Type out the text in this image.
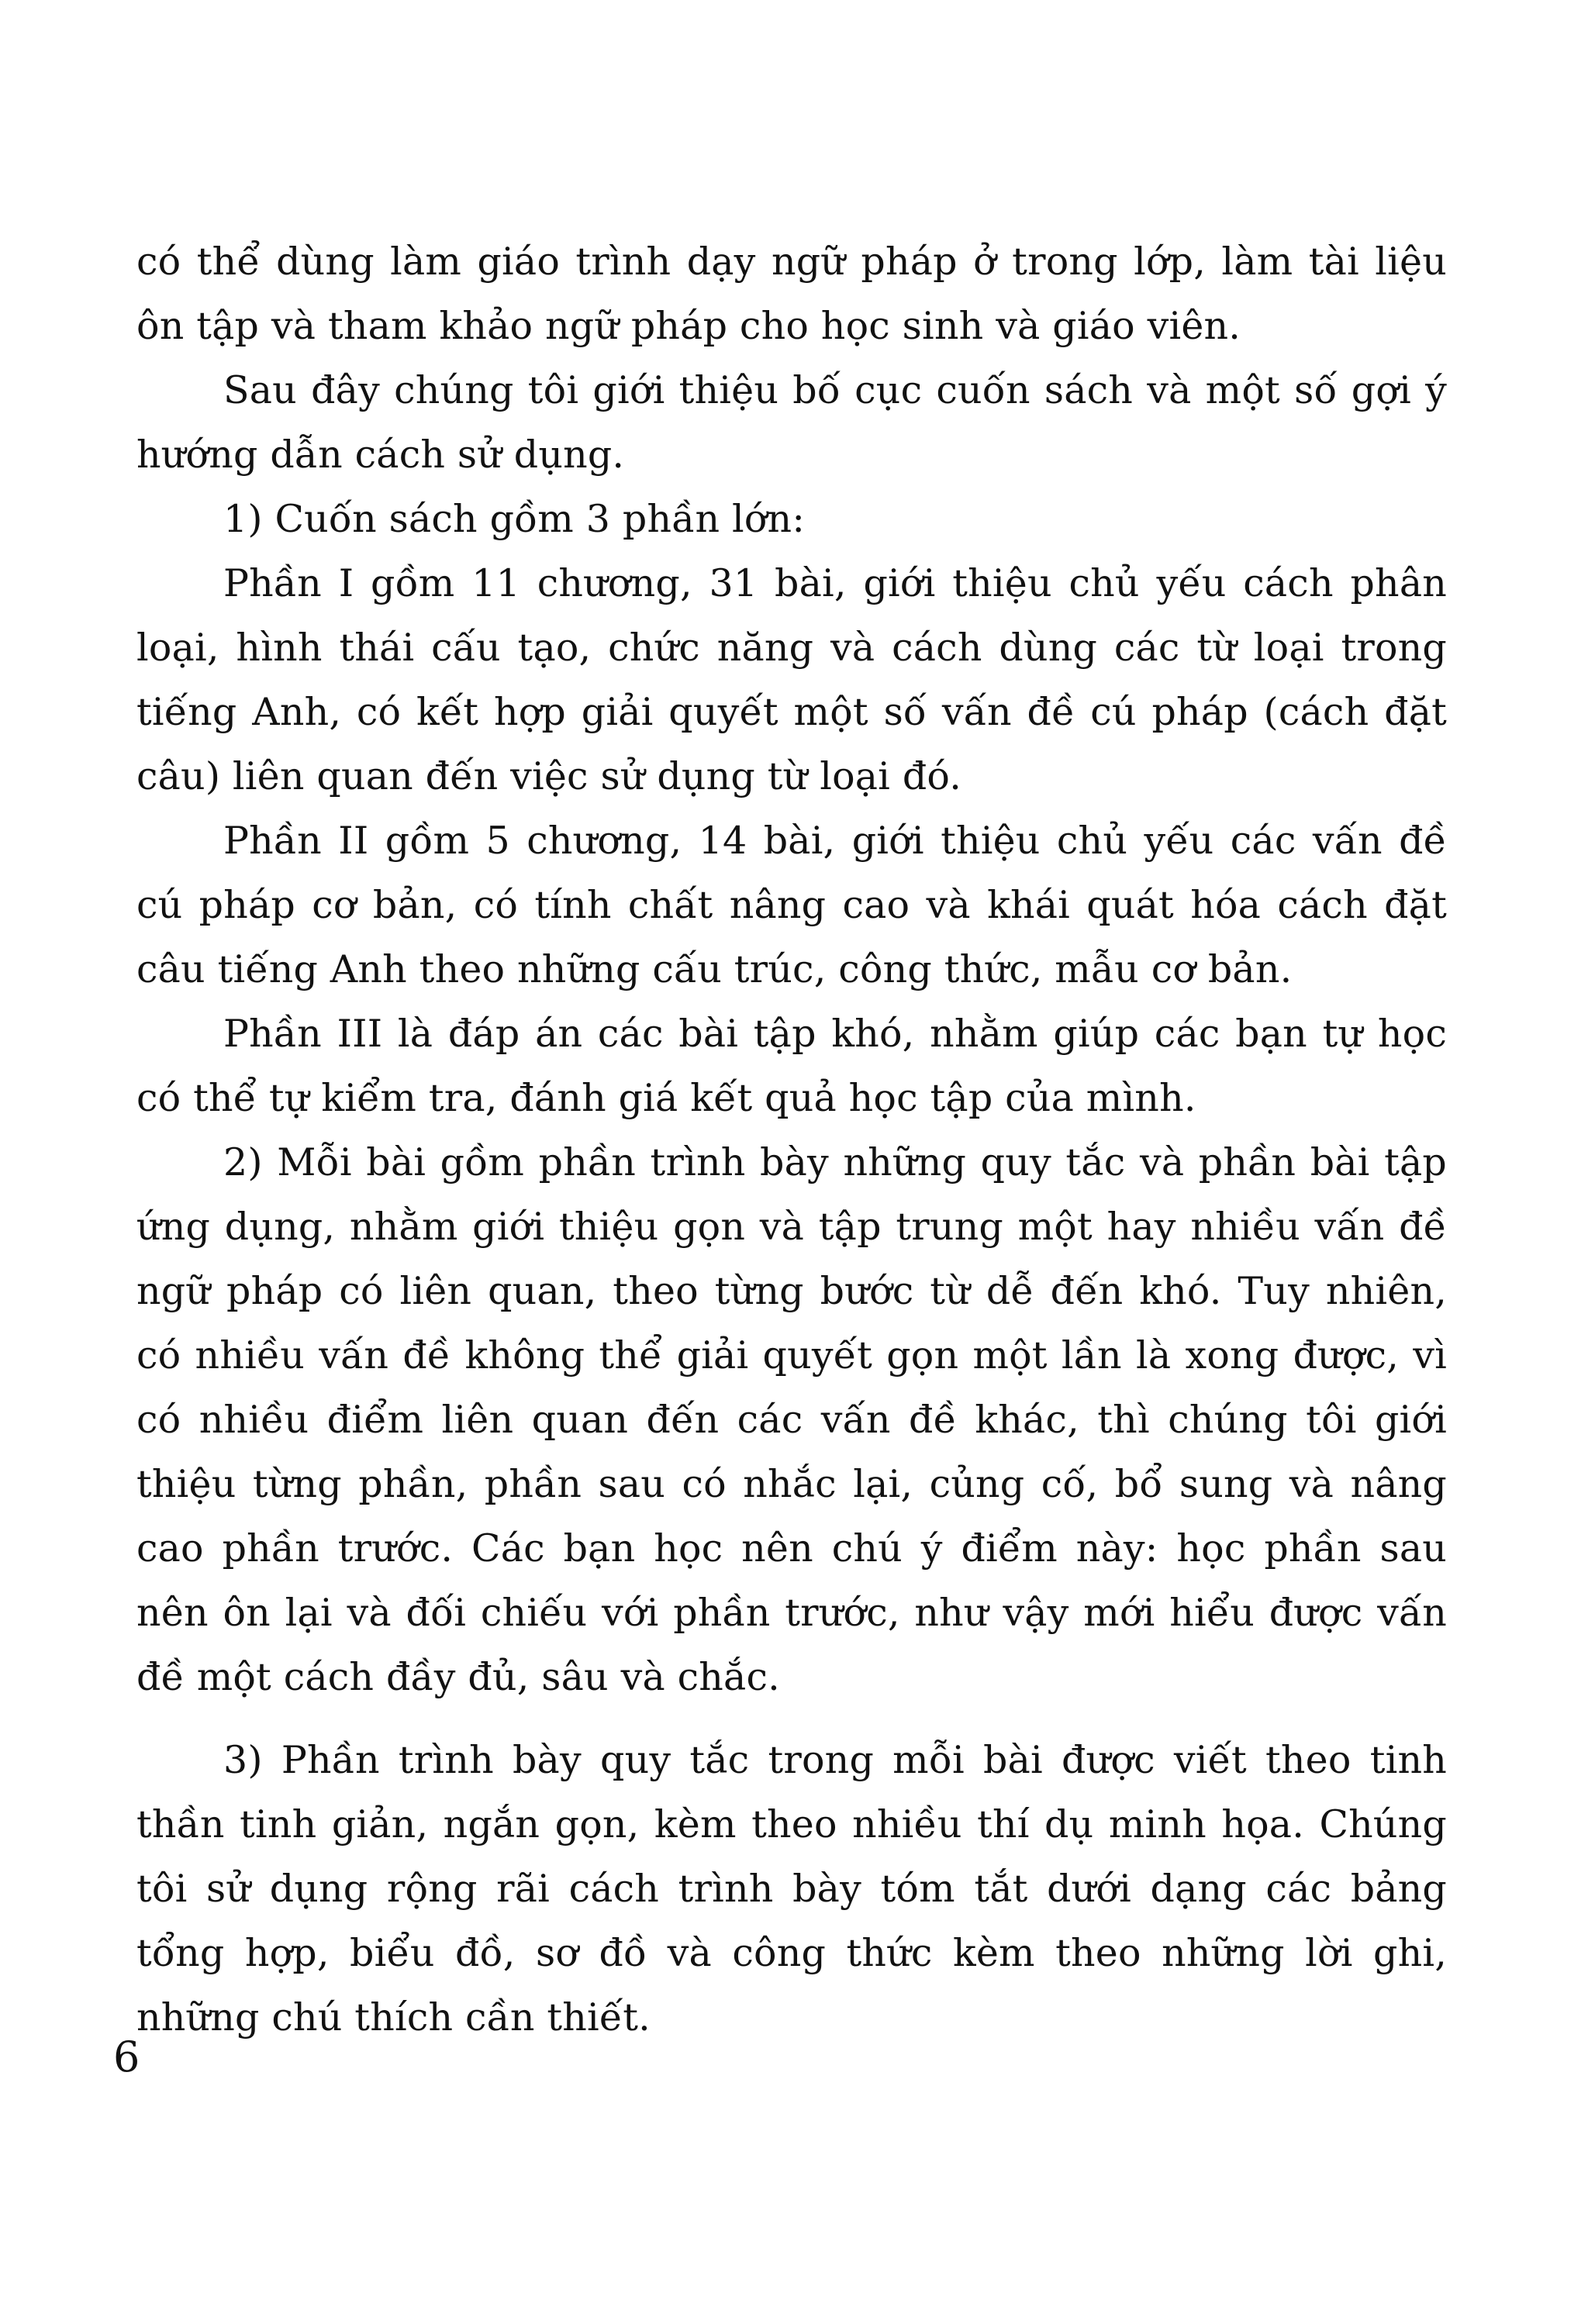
có thể dùng làm giáo trình dạy ngữ pháp ở trong lớp, làm tài liệu ôn tập và tham khảo ngữ pháp cho học sinh và giáo viên.

Sau đây chúng tôi giới thiệu bố cục cuốn sách và một số gợi ý hướng dẫn cách sử dụng.

1) Cuốn sách gồm 3 phần lớn:

Phần I gồm 11 chương, 31 bài, giới thiệu chủ yếu cách phân loại, hình thái cấu tạo, chức năng và cách dùng các từ loại trong tiếng Anh, có kết hợp giải quyết một số vấn đề cú pháp (cách đặt câu) liên quan đến việc sử dụng từ loại đó.

Phần II gồm 5 chương, 14 bài, giới thiệu chủ yếu các vấn đề cú pháp cơ bản, có tính chất nâng cao và khái quát hóa cách đặt câu tiếng Anh theo những cấu trúc, công thức, mẫu cơ bản.

Phần III là đáp án các bài tập khó, nhằm giúp các bạn tự học có thể tự kiểm tra, đánh giá kết quả học tập của mình.

2) Mỗi bài gồm phần trình bày những quy tắc và phần bài tập ứng dụng, nhằm giới thiệu gọn và tập trung một hay nhiều vấn đề ngữ pháp có liên quan, theo từng bước từ dễ đến khó. Tuy nhiên, có nhiều vấn đề không thể giải quyết gọn một lần là xong được, vì có nhiều điểm liên quan đến các vấn đề khác, thì chúng tôi giới thiệu từng phần, phần sau có nhắc lại, củng cố, bổ sung và nâng cao phần trước. Các bạn học nên chú ý điểm này: học phần sau nên ôn lại và đối chiếu với phần trước, như vậy mới hiểu được vấn đề một cách đầy đủ, sâu và chắc.

3) Phần trình bày quy tắc trong mỗi bài được viết theo tinh thần tinh giản, ngắn gọn, kèm theo nhiều thí dụ minh họa. Chúng tôi sử dụng rộng rãi cách trình bày tóm tắt dưới dạng các bảng tổng hợp, biểu đồ, sơ đồ và công thức kèm theo những lời ghi, những chú thích cần thiết.

6
